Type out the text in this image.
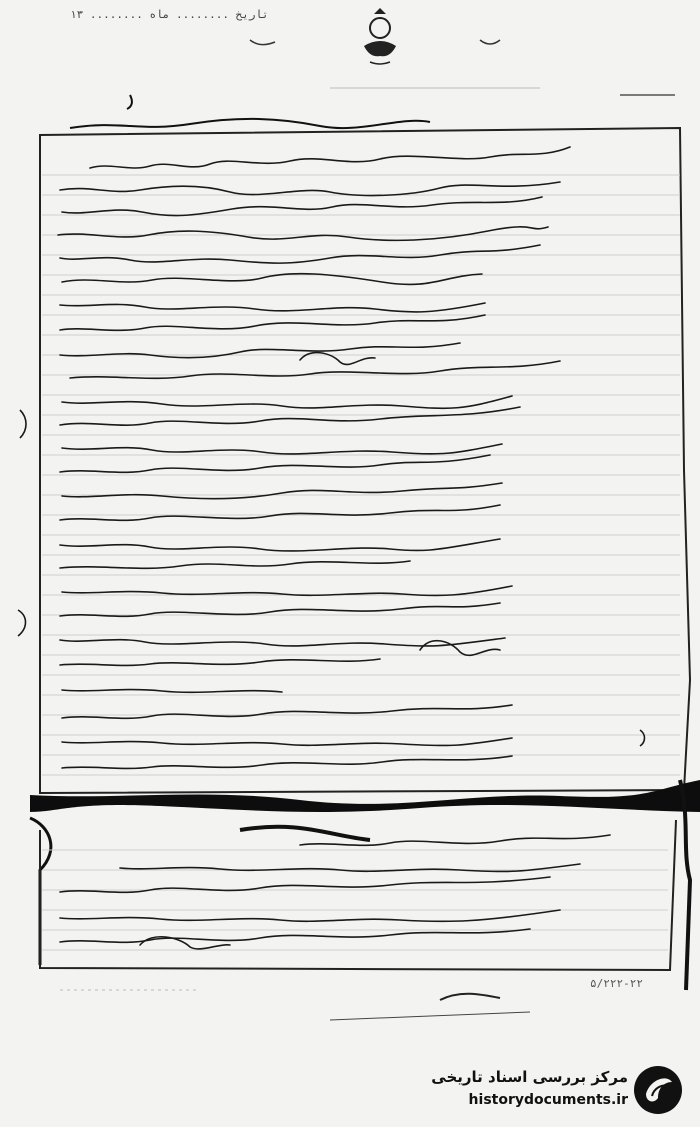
تاریخ ........ ماه ........ ۱۳
۵/۲۲۲-۲۲
مرکز بررسی اسناد تاریخی
historydocuments.ir
